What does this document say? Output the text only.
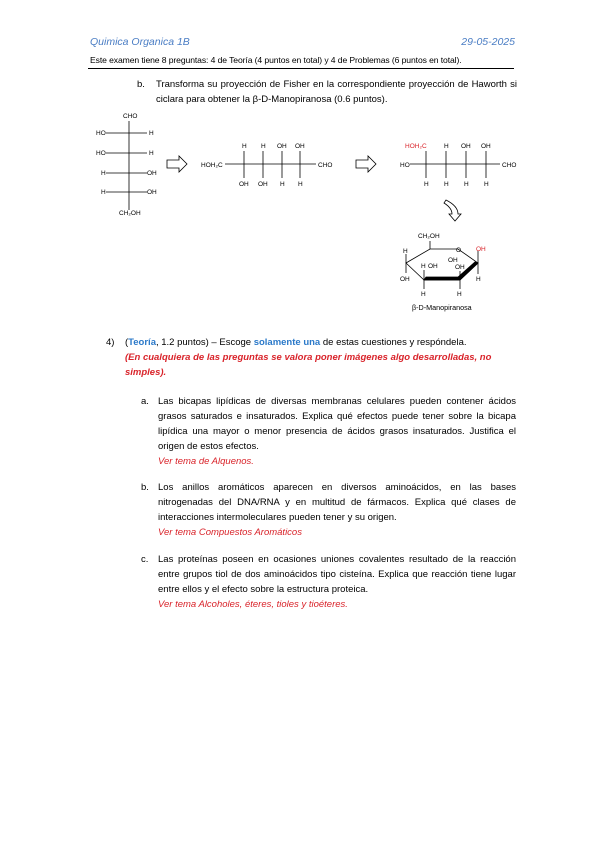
Quimica Organica 1B	29-05-2025
Este examen tiene 8 preguntas: 4 de Teoría (4 puntos en total) y 4 de Problemas (6 puntos en total).
b. Transforma su proyección de Fisher en la correspondiente proyección de Haworth si ciclara para obtener la β-D-Manopiranosa (0.6 puntos).
CHO
HO	H
HO	H
H	OH
H	OH
CH₂OH
HOH₂C
H H OH OH
OH OH H H
CHO	HO
HOH₂C	H OH OH
H H H H
CHO
CH₂OH
O OH
H
H
OH
H
H
OH
H
OH
OH
β-D-Manopiranosa
4) (Teoría, 1.2 puntos) – Escoge solamente una de estas cuestiones y respóndela.
(En cualquiera de las preguntas se valora poner imágenes algo desarrolladas, no simples).
a. Las bicapas lipídicas de diversas membranas celulares pueden contener ácidos grasos saturados e insaturados. Explica qué efectos puede tener sobre la bicapa lipídica una mayor o menor presencia de ácidos grasos insaturados. Justifica el origen de estos efectos.
Ver tema de Alquenos.
b. Los anillos aromáticos aparecen en diversos aminoácidos, en las bases nitrogenadas del DNA/RNA y en multitud de fármacos. Explica qué clases de interacciones intermoleculares pueden tener y su origen.
Ver tema Compuestos Aromáticos
c. Las proteínas poseen en ocasiones uniones covalentes resultado de la reacción entre grupos tiol de dos aminoácidos tipo cisteína. Explica que reacción tiene lugar entre ellos y el efecto sobre la estructura proteica.
Ver tema Alcoholes, éteres, tioles y tioéteres.
